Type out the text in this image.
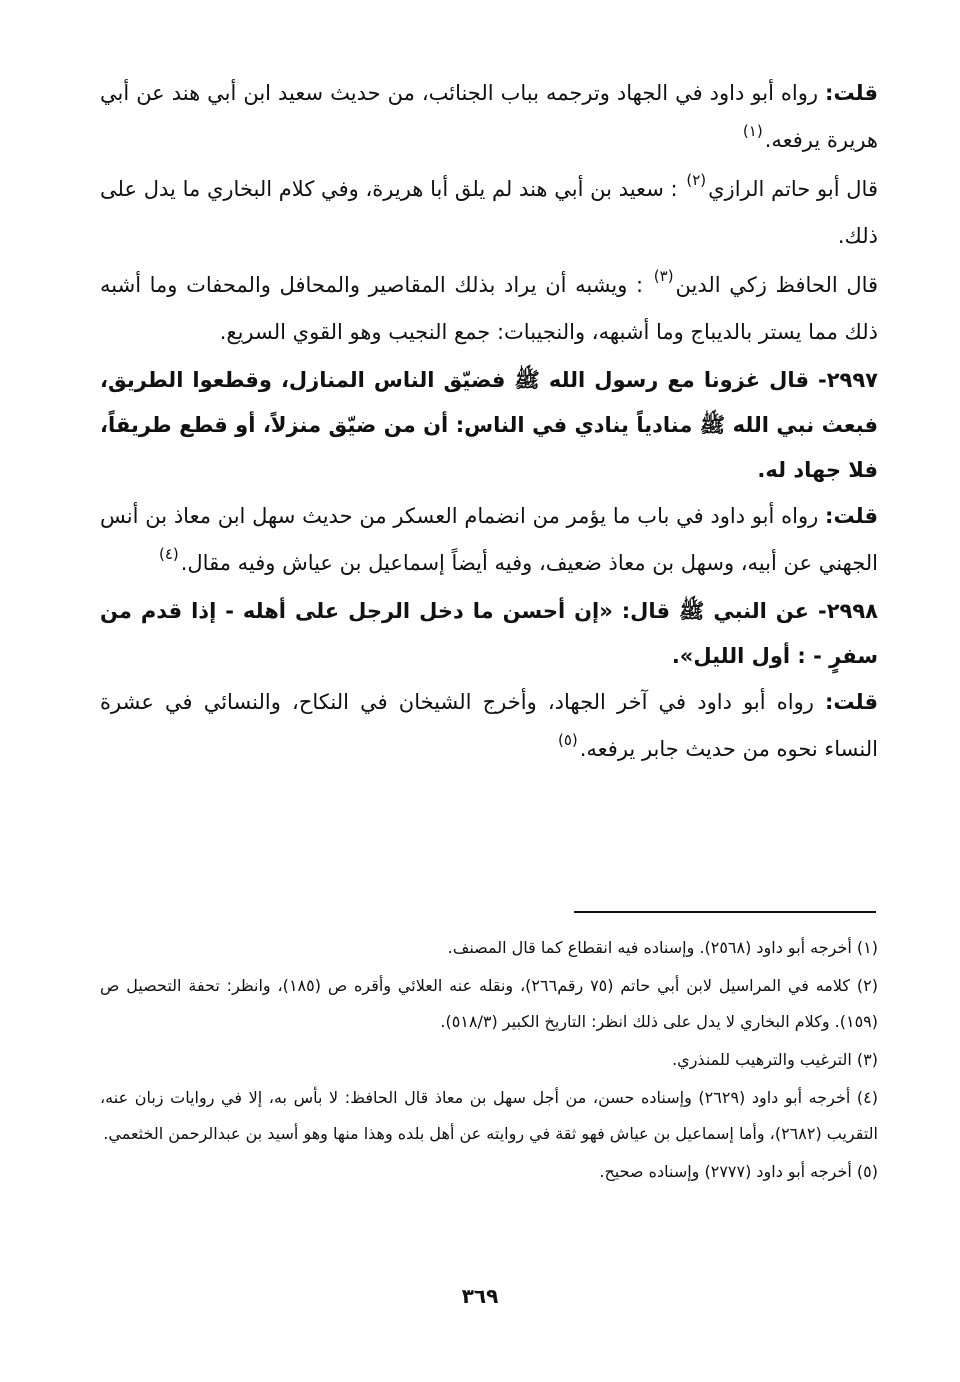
قلت: رواه أبو داود في الجهاد وترجمه بباب الجنائب، من حديث سعيد ابن أبي هند عن أبي هريرة يرفعه.$^{(١)}$

قال أبو حاتم الرازي$^{(٢)}$ : سعيد بن أبي هند لم يلق أبا هريرة، وفي كلام البخاري ما يدل على ذلك.

قال الحافظ زكي الدين$^{(٣)}$ : ويشبه أن يراد بذلك المقاصير والمحافل والمحفات وما أشبه ذلك مما يستر بالديباج وما أشبهه، والنجيبات: جمع النجيب وهو القوي السريع.

٢٩٩٧- قال غزونا مع رسول الله ﷺ فضيّق الناس المنازل، وقطعوا الطريق، فبعث نبي الله ﷺ منادياً ينادي في الناس: أن من ضيّق منزلاً، أو قطع طريقاً، فلا جهاد له.

قلت: رواه أبو داود في باب ما يؤمر من انضمام العسكر من حديث سهل ابن معاذ بن أنس الجهني عن أبيه، وسهل بن معاذ ضعيف، وفيه أيضاً إسماعيل بن عياش وفيه مقال.$^{(٤)}$

٢٩٩٨- عن النبي ﷺ قال: «إن أحسن ما دخل الرجل على أهله - إذا قدم من سفرٍ - : أول الليل».

قلت: رواه أبو داود في آخر الجهاد، وأخرج الشيخان في النكاح، والنسائي في عشرة النساء نحوه من حديث جابر يرفعه.$^{(٥)}$

(١) أخرجه أبو داود (٢٥٦٨). وإسناده فيه انقطاع كما قال المصنف.

(٢) كلامه في المراسيل لابن أبي حاتم (٧٥ رقم٢٦٦)، ونقله عنه العلائي وأقره ص (١٨٥)، وانظر: تحفة التحصيل ص (١٥٩). وكلام البخاري لا يدل على ذلك انظر: التاريخ الكبير (٥١٨/٣).

(٣) الترغيب والترهيب للمنذري.

(٤) أخرجه أبو داود (٢٦٢٩) وإسناده حسن، من أجل سهل بن معاذ قال الحافظ: لا بأس به، إلا في روايات زبان عنه، التقريب (٢٦٨٢)، وأما إسماعيل بن عياش فهو ثقة في روايته عن أهل بلده وهذا منها وهو أسيد بن عبدالرحمن الخثعمي.

(٥) أخرجه أبو داود (٢٧٧٧) وإسناده صحيح.

٣٦٩
